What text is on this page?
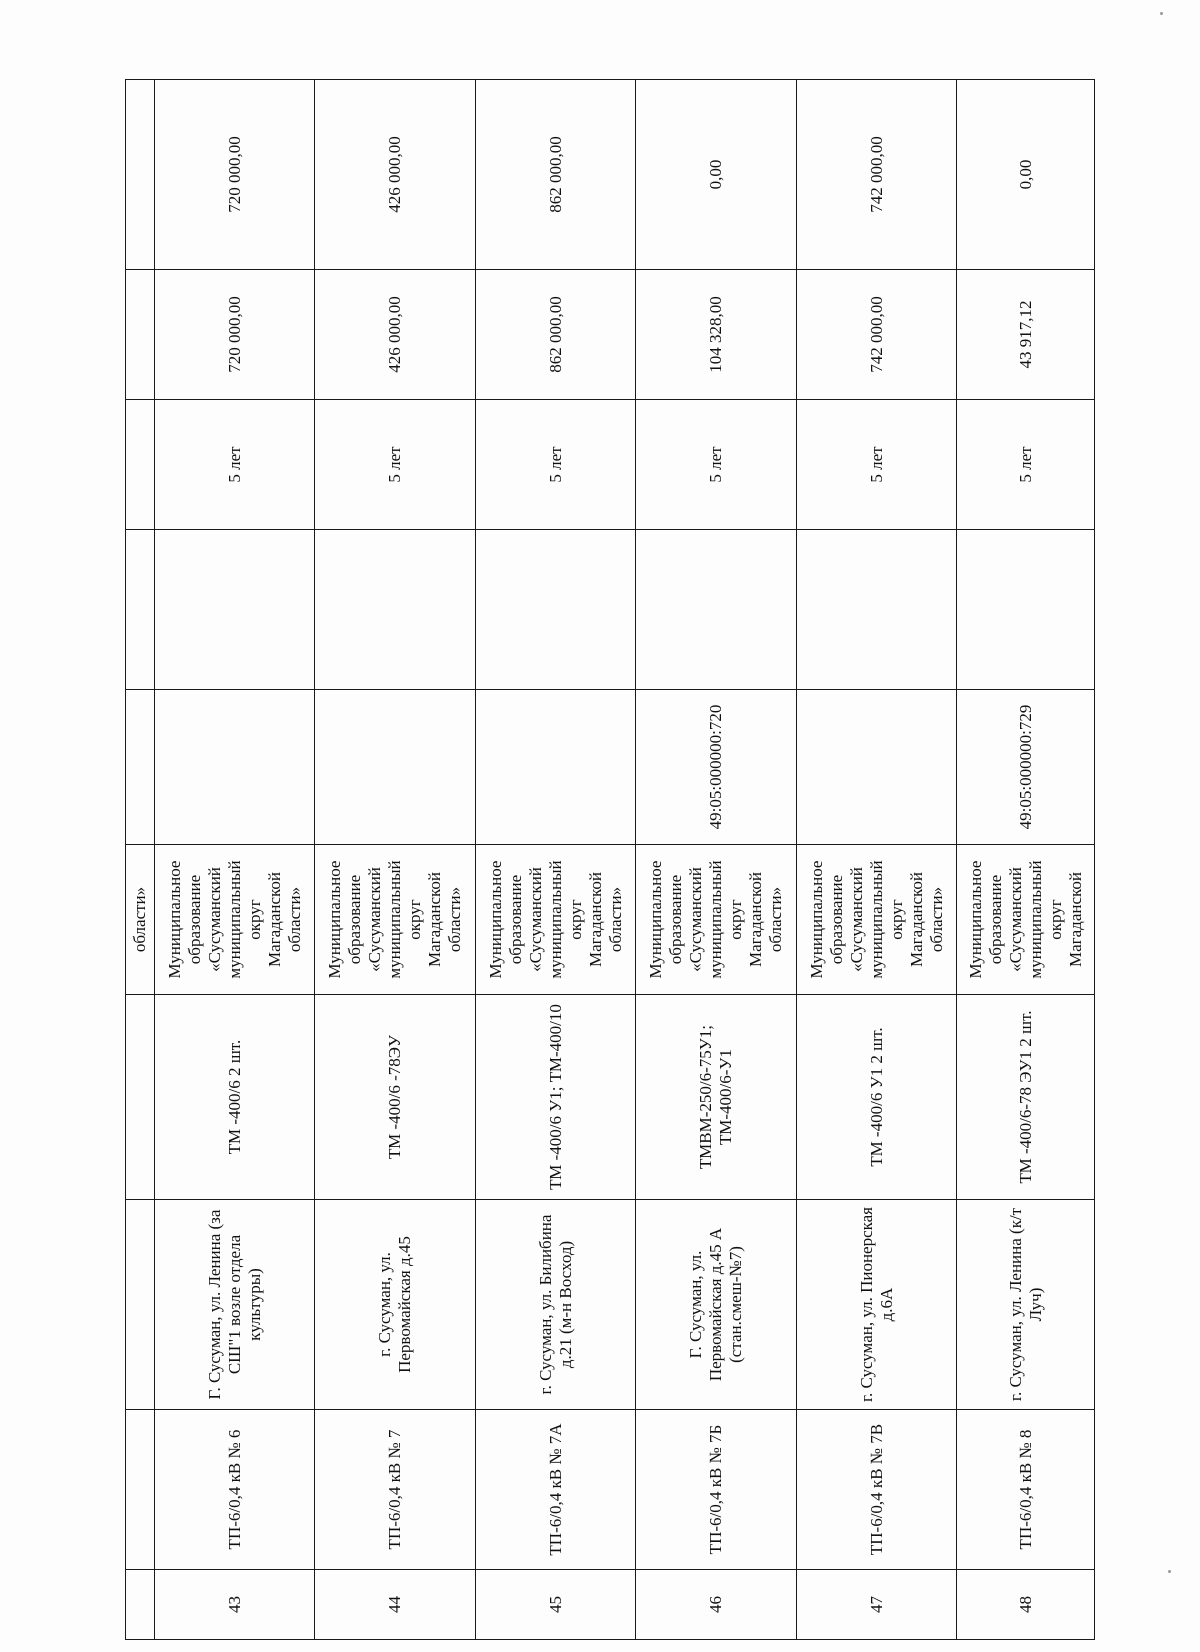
				области»					
43	ТП-6/0,4 кВ № 6	Г. Сусуман, ул. Ленина (за СШ"1 возле отдела культуры)	ТМ -400/6 2 шт.	Муниципальное образование «Сусуманский муниципальный округ Магаданской области»			5 лет	720 000,00	720 000,00
44	ТП-6/0,4 кВ № 7	г. Сусуман, ул. Первомайская д.45	ТМ -400/6 -78ЭУ	Муниципальное образование «Сусуманский муниципальный округ Магаданской области»			5 лет	426 000,00	426 000,00
45	ТП-6/0,4 кВ № 7А	г. Сусуман, ул. Билибина д.21 (м-н Восход)	ТМ -400/6 У1; ТМ-400/10	Муниципальное образование «Сусуманский муниципальный округ Магаданской области»			5 лет	862 000,00	862 000,00
46	ТП-6/0,4 кВ № 7Б	Г. Сусуман, ул. Первомайская д.45 А (стан.смеш-№7)	ТМВМ-250/6-75У1; ТМ-400/6-У1	Муниципальное образование «Сусуманский муниципальный округ Магаданской области»	49:05:000000:720		5 лет	104 328,00	0,00
47	ТП-6/0,4 кВ № 7В	г. Сусуман, ул. Пионерская д.6А	ТМ -400/6 У1 2 шт.	Муниципальное образование «Сусуманский муниципальный округ Магаданской области»			5 лет	742 000,00	742 000,00
48	ТП-6/0,4 кВ № 8	г. Сусуман, ул. Ленина (к/т Луч)	ТМ -400/6-78 ЭУ1 2 шт.	Муниципальное образование «Сусуманский муниципальный округ Магаданской	49:05:000000:729		5 лет	43 917,12	0,00
